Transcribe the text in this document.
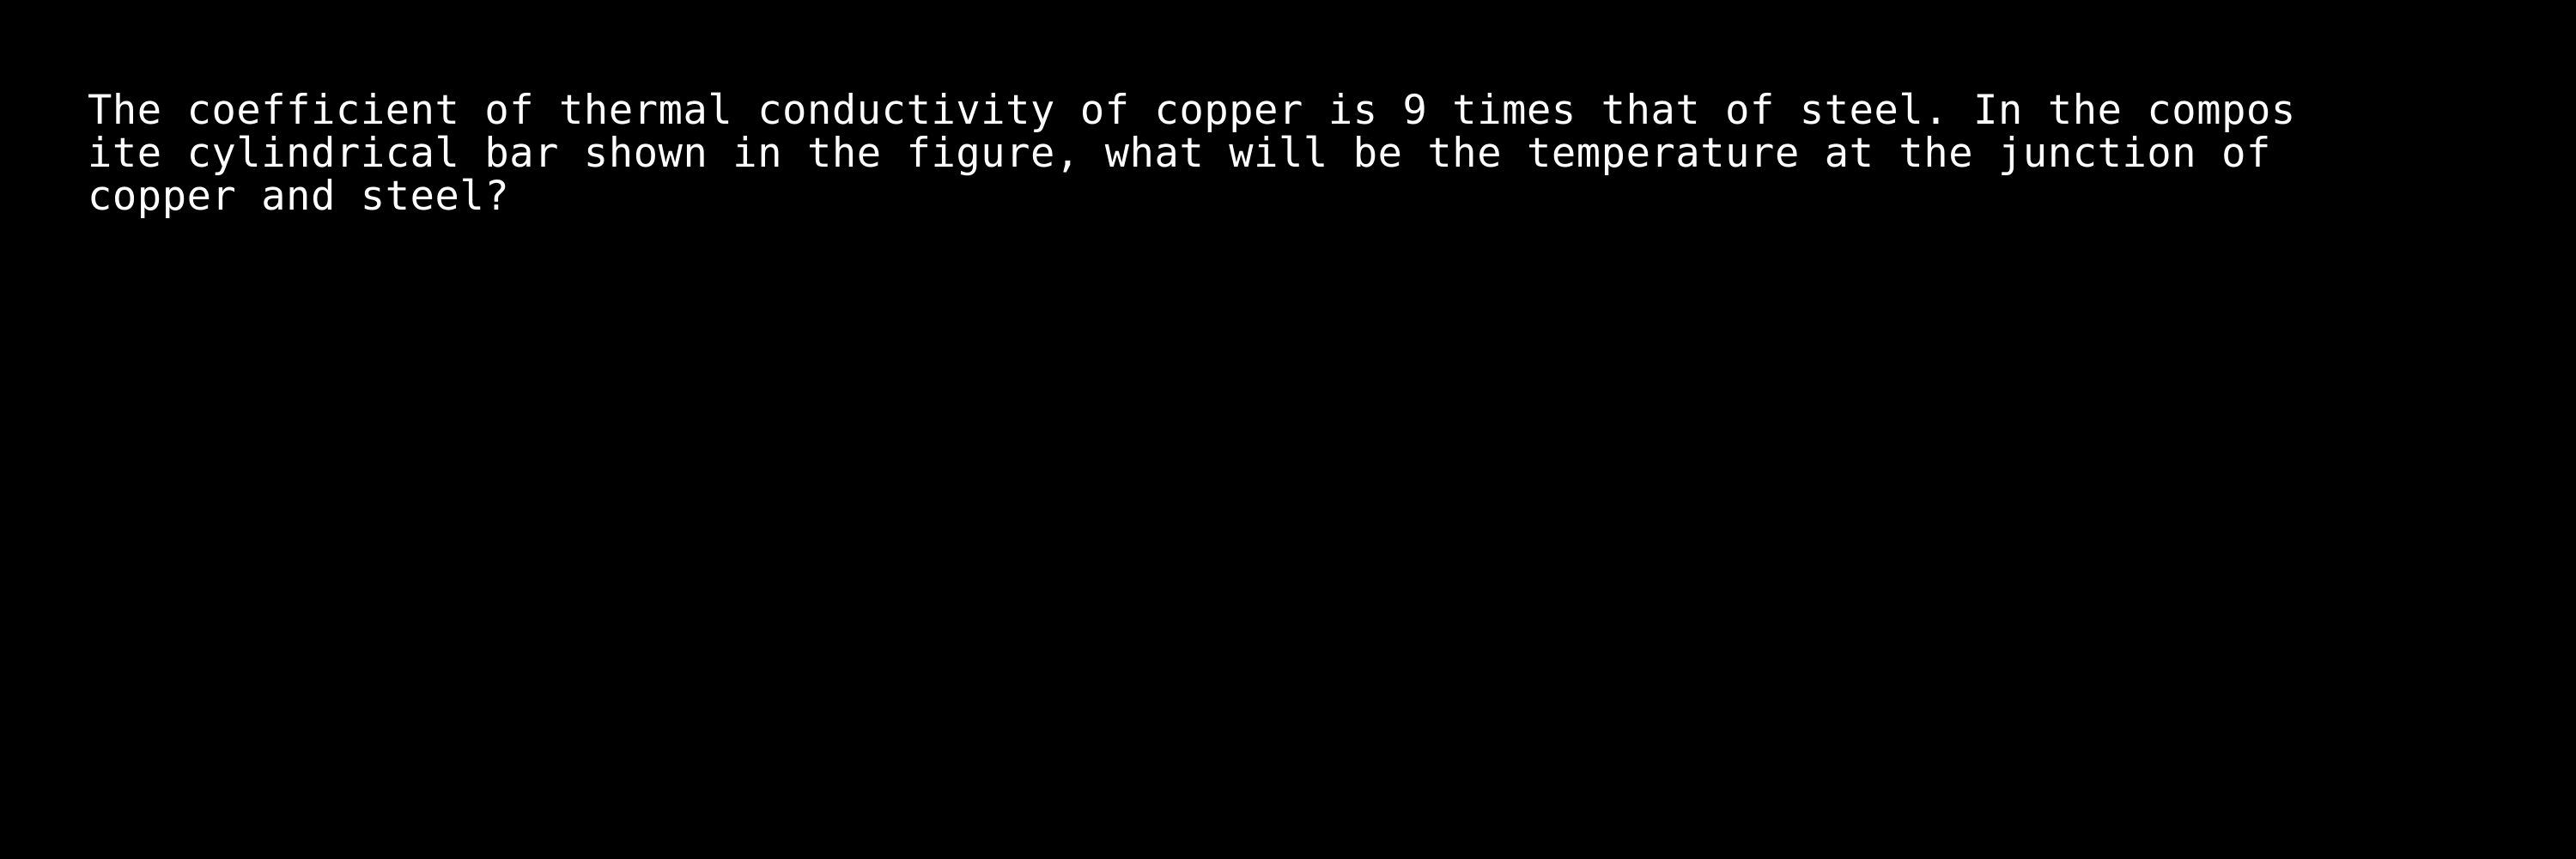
The coefficient of thermal conductivity of copper is 9 times that of steel. In the compos
ite cylindrical bar shown in the figure, what will be the temperature at the junction of
copper and steel?
